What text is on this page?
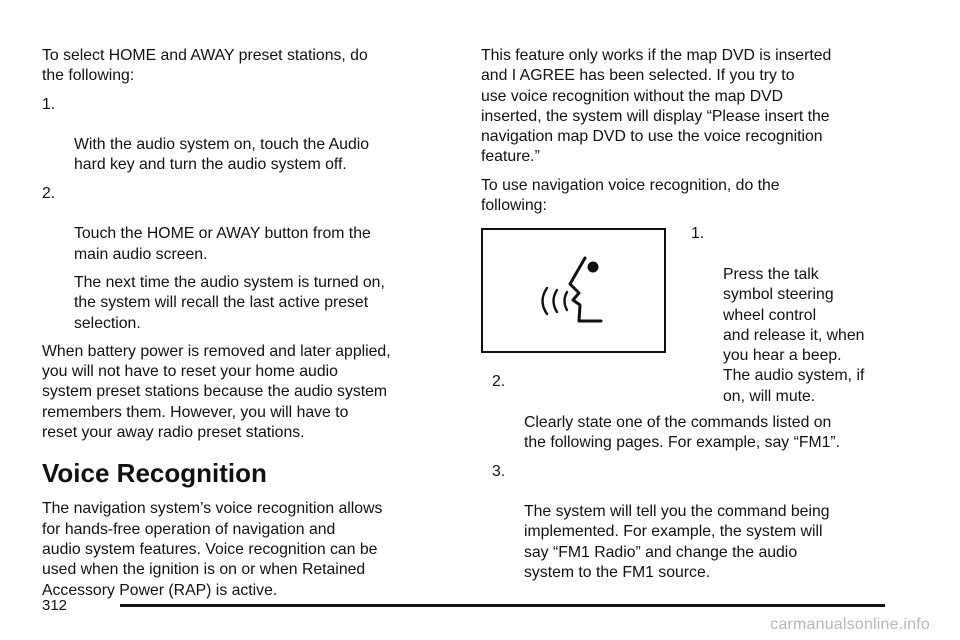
To select HOME and AWAY preset stations, do
the following:

1.

With the audio system on, touch the Audio
hard key and turn the audio system off.

2.

Touch the HOME or AWAY button from the
main audio screen.

The next time the audio system is turned on,
the system will recall the last active preset
selection.

When battery power is removed and later applied,
you will not have to reset your home audio
system preset stations because the audio system
remembers them. However, you will have to
reset your away radio preset stations.

Voice Recognition

The navigation system’s voice recognition allows
for hands-free operation of navigation and
audio system features. Voice recognition can be
used when the ignition is on or when Retained
Accessory Power (RAP) is active.

This feature only works if the map DVD is inserted
and I AGREE has been selected. If you try to
use voice recognition without the map DVD
inserted, the system will display “Please insert the
navigation map DVD to use the voice recognition
feature.”

To use navigation voice recognition, do the
following:

1.

Press the talk
symbol steering
wheel control
and release it, when
you hear a beep.
The audio system, if
on, will mute.

2.

Clearly state one of the commands listed on
the following pages. For example, say “FM1”.

3.

The system will tell you the command being
implemented. For example, the system will
say “FM1 Radio” and change the audio
system to the FM1 source.

312
carmanualsonline.info
